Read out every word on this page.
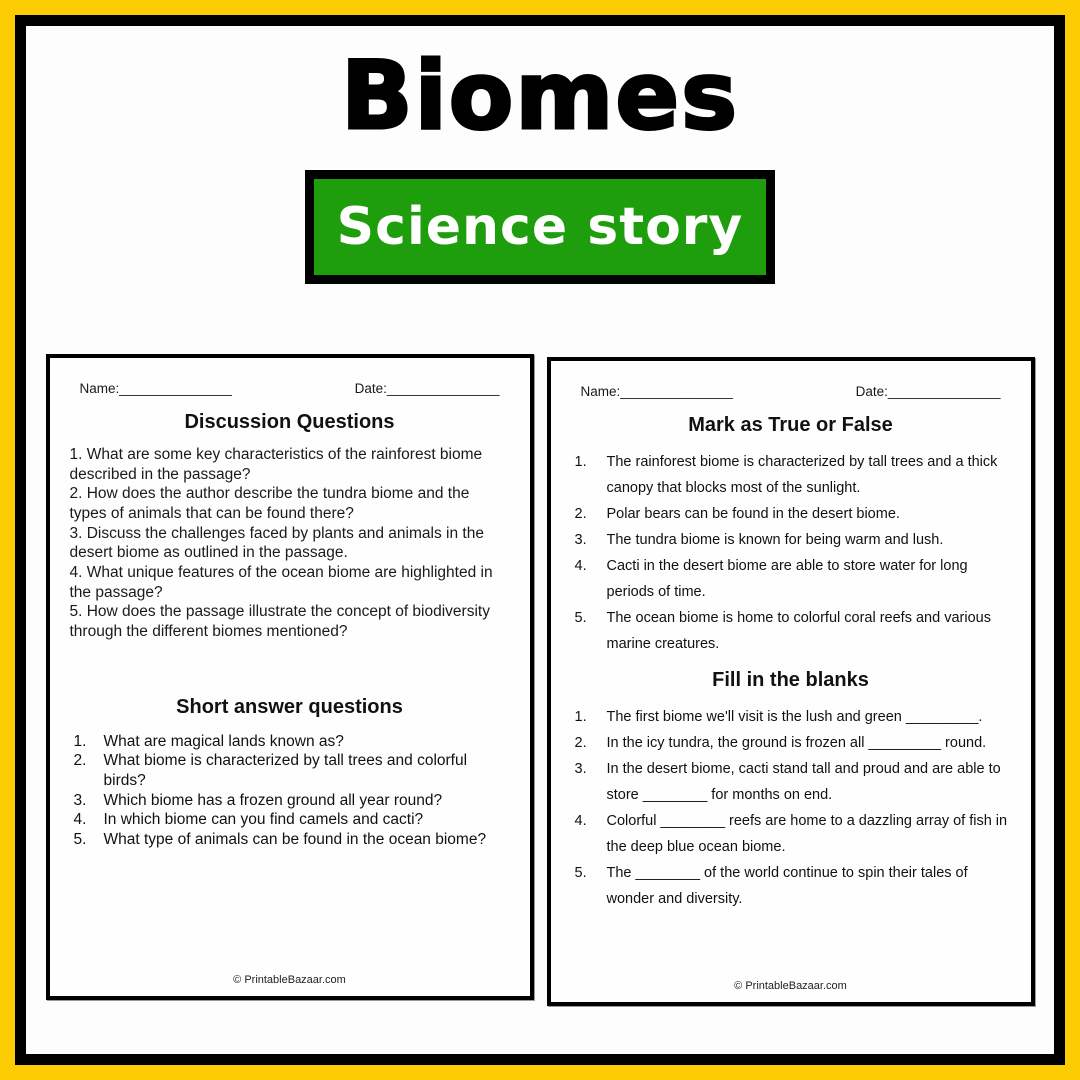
Biomes
Science story
Name:_______________	Date:_______________
Discussion Questions

1. What are some key characteristics of the rainforest biome described in the passage?

2. How does the author describe the tundra biome and the types of animals that can be found there?

3. Discuss the challenges faced by plants and animals in the desert biome as outlined in the passage.

4. What unique features of the ocean biome are highlighted in the passage?

5. How does the passage illustrate the concept of biodiversity through the different biomes mentioned?

Short answer questions
1.	What are magical lands known as?
2.	What biome is characterized by tall trees and colorful birds?
3.	Which biome has a frozen ground all year round?
4.	In which biome can you find camels and cacti?
5.	What type of animals can be found in the ocean biome?
© PrintableBazaar.com
Name:_______________	Date:_______________
Mark as True or False
1.	The rainforest biome is characterized by tall trees and a thick canopy that blocks most of the sunlight.
2.	Polar bears can be found in the desert biome.
3.	The tundra biome is known for being warm and lush.
4.	Cacti in the desert biome are able to store water for long periods of time.
5.	The ocean biome is home to colorful coral reefs and various marine creatures.
Fill in the blanks
1.	The first biome we'll visit is the lush and green _________.
2.	In the icy tundra, the ground is frozen all _________ round.
3.	In the desert biome, cacti stand tall and proud and are able to store ________ for months on end.
4.	Colorful ________ reefs are home to a dazzling array of fish in the deep blue ocean biome.
5.	The ________ of the world continue to spin their tales of wonder and diversity.
© PrintableBazaar.com
